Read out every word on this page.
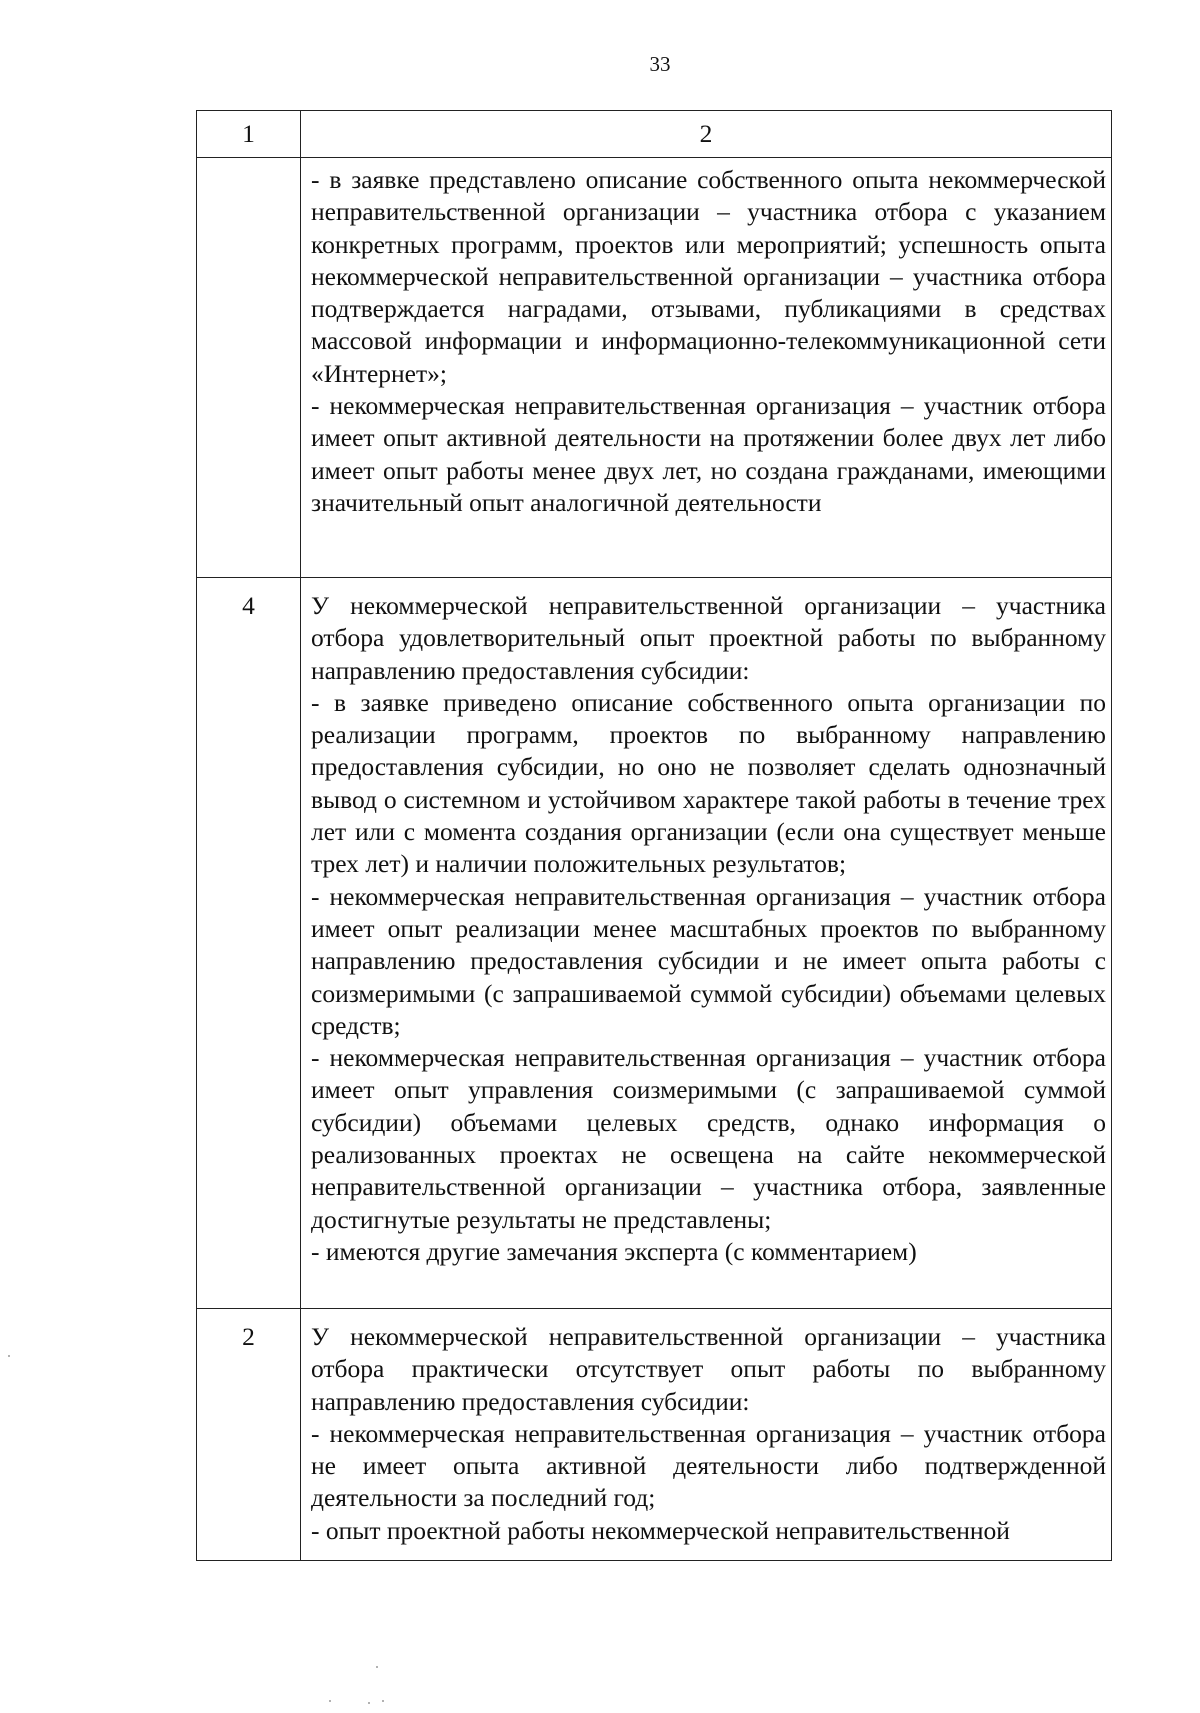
33
1	2

	- в заявке представлено описание собственного опыта некоммерческой неправительственной организации – участника отбора с указанием конкретных программ, проектов или мероприятий; успешность опыта некоммерческой неправительственной организации – участника отбора подтверждается наградами, отзывами, публикациями в средствах массовой информации и информационно-телекоммуникационной сети «Интернет»;

- некоммерческая неправительственная организация – участник отбора имеет опыт активной деятельности на протяжении более двух лет либо имеет опыт работы менее двух лет, но создана гражданами, имеющими значительный опыт аналогичной деятельности

4	У некоммерческой неправительственной организации – участника отбора удовлетворительный опыт проектной работы по выбранному направлению предоставления субсидии:

- в заявке приведено описание собственного опыта организации по реализации программ, проектов по выбранному направлению предоставления субсидии, но оно не позволяет сделать однозначный вывод о системном и устойчивом характере такой работы в течение трех лет или с момента создания организации (если она существует меньше трех лет) и наличии положительных результатов;

- некоммерческая неправительственная организация – участник отбора имеет опыт реализации менее масштабных проектов по выбранному направлению предоставления субсидии и не имеет опыта работы с соизмеримыми (с запрашиваемой суммой субсидии) объемами целевых средств;

- некоммерческая неправительственная организация – участник отбора имеет опыт управления соизмеримыми (с запрашиваемой суммой субсидии) объемами целевых средств, однако информация о реализованных проектах не освещена на сайте некоммерческой неправительственной организации – участника отбора, заявленные достигнутые результаты не представлены;

- имеются другие замечания эксперта (с комментарием)

2	У некоммерческой неправительственной организации – участника отбора практически отсутствует опыт работы по выбранному направлению предоставления субсидии:

- некоммерческая неправительственная организация – участник отбора не имеет опыта активной деятельности либо подтвержденной деятельности за последний год;

- опыт проектной работы некоммерческой неправительственной
